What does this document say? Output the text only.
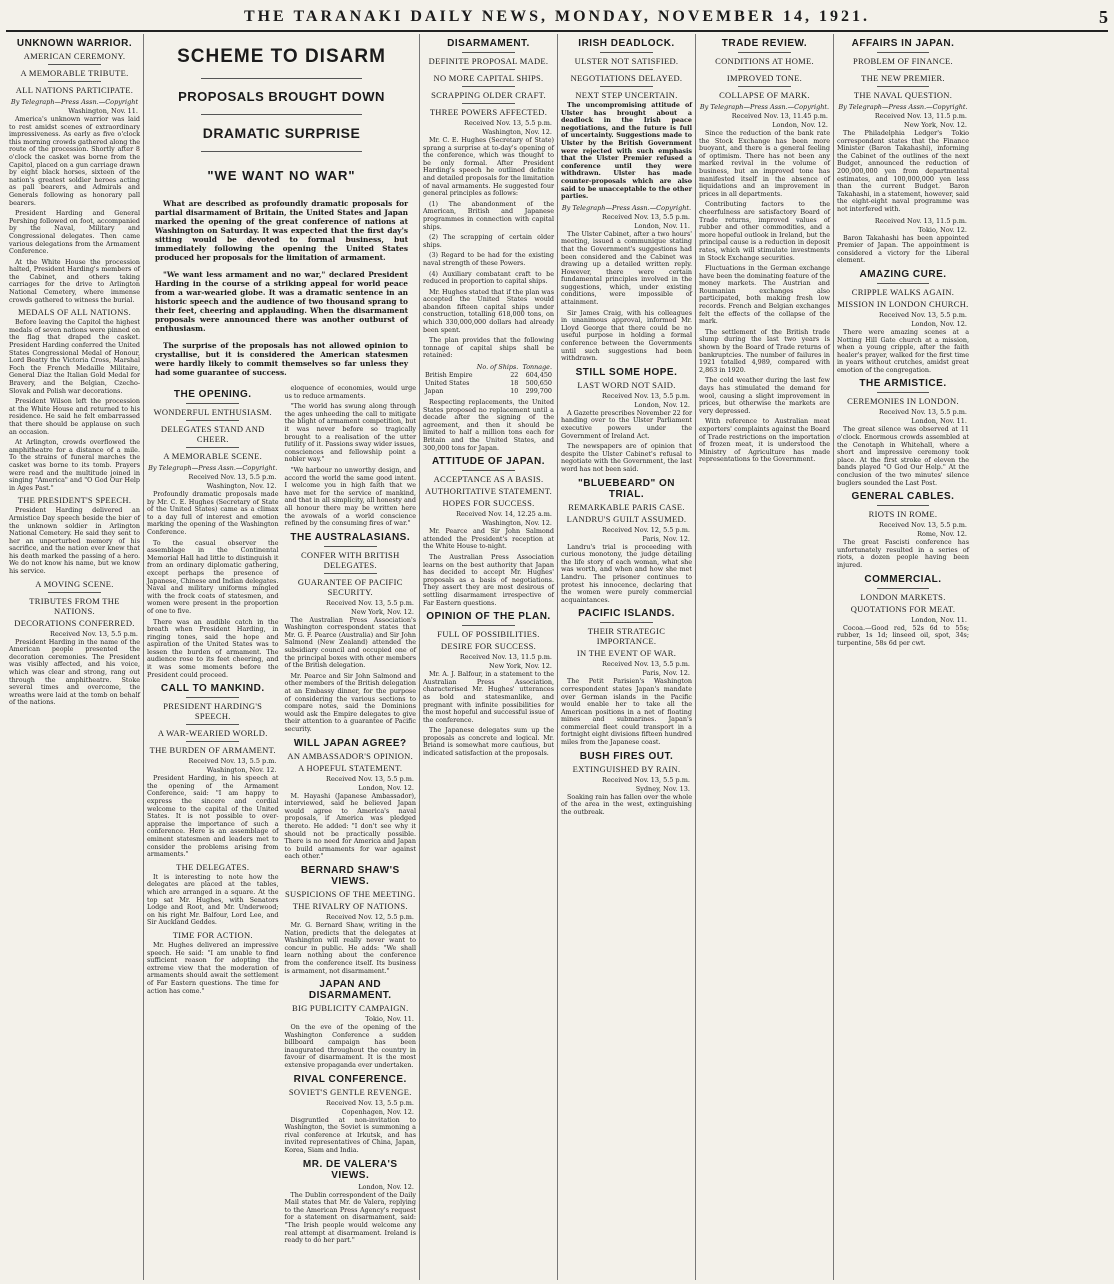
THE TARANAKI DAILY NEWS, MONDAY, NOVEMBER 14, 1921.	5
UNKNOWN WARRIOR.
AMERICAN CEREMONY.
A MEMORABLE TRIBUTE.
ALL NATIONS PARTICIPATE.
By Telegraph—Press Assn.—Copyright
Washington, Nov. 11.

America's unknown warrior was laid to rest amidst scenes of extraordinary impressiveness. As early as five o'clock this morning crowds gathered along the route of the procession. Shortly after 8 o'clock the casket was borne from the Capitol, placed on a gun carriage drawn by eight black horses, sixteen of the nation's greatest soldier heroes acting as pall bearers, and Admirals and Generals following as honorary pall bearers.

President Harding and General Pershing followed on foot, accompanied by the Naval, Military and Congressional delegates. Then came various delegations from the Armament Conference.

At the White House the procession halted, President Harding's members of the Cabinet, and others taking carriages for the drive to Arlington National Cemetery, where immense crowds gathered to witness the burial.

MEDALS OF ALL NATIONS.

Before leaving the Capitol the highest medals of seven nations were pinned on the flag that draped the casket. President Harding conferred the United States Congressional Medal of Honour, Lord Beatty the Victoria Cross, Marshal Foch the French Medaille Militaire, General Diaz the Italian Gold Medal for Bravery, and the Belgian, Czecho-Slovak and Polish war decorations.

President Wilson left the procession at the White House and returned to his residence. He said he felt embarrassed that there should be applause on such an occasion.

At Arlington, crowds overflowed the amphitheatre for a distance of a mile. To the strains of funeral marches the casket was borne to its tomb. Prayers were read and the multitude joined in singing "America" and "O God Our Help in Ages Past."

THE PRESIDENT'S SPEECH.

President Harding delivered an Armistice Day speech beside the bier of the unknown soldier in Arlington National Cemetery. He said they sent to her an unperturbed memory of his sacrifice, and the nation ever knew that his death marked the passing of a hero. We do not know his name, but we know his service.

A MOVING SCENE.
TRIBUTES FROM THE NATIONS.
DECORATIONS CONFERRED.
Received Nov. 13, 5.5 p.m.

President Harding in the name of the American people presented the decoration ceremonies. The President was visibly affected, and his voice, which was clear and strong, rang out through the amphitheatre. Stoke several times and overcome, the wreaths were laid at the tomb on behalf of the nations.

SCHEME TO DISARM
PROPOSALS BROUGHT DOWN
DRAMATIC SURPRISE
"WE WANT NO WAR"

What are described as profoundly dramatic proposals for partial disarmament of Britain, the United States and Japan marked the opening of the great conference of nations at Washington on Saturday. It was expected that the first day's sitting would be devoted to formal business, but immediately following the opening the United States produced her proposals for the limitation of armament.

"We want less armament and no war," declared President Harding in the course of a striking appeal for world peace from a war-wearied globe. It was a dramatic sentence in an historic speech and the audience of two thousand sprang to their feet, cheering and applauding. When the disarmament proposals were announced there was another outburst of enthusiasm.

The surprise of the proposals has not allowed opinion to crystallise, but it is considered the American statesmen were hardly likely to commit themselves so far unless they had some guarantee of success.

THE OPENING.
WONDERFUL ENTHUSIASM.
DELEGATES STAND AND CHEER.
A MEMORABLE SCENE.
By Telegraph—Press Assn.—Copyright.
Received Nov. 13, 5.5 p.m.
Washington, Nov. 12.

Profoundly dramatic proposals made by Mr. C. E. Hughes (Secretary of State of the United States) came as a climax to a day full of interest and emotion marking the opening of the Washington Conference.

To the casual observer the assemblage in the Continental Memorial Hall had little to distinguish it from an ordinary diplomatic gathering, except perhaps the presence of Japanese, Chinese and Indian delegates. Naval and military uniforms mingled with the frock coats of statesmen, and women were present in the proportion of one to five.

There was an audible catch in the breath when President Harding, in ringing tones, said the hope and aspiration of the United States was to lessen the burden of armament. The audience rose to its feet cheering, and it was some moments before the President could proceed.

CALL TO MANKIND.
PRESIDENT HARDING'S SPEECH.
A WAR-WEARIED WORLD.
THE BURDEN OF ARMAMENT.
Received Nov. 13, 5.5 p.m.
Washington, Nov. 12.

President Harding, in his speech at the opening of the Armament Conference, said: "I am happy to express the sincere and cordial welcome to the capital of the United States. It is not possible to over-appraise the importance of such a conference. Here is an assemblage of eminent statesmen and leaders met to consider the problems arising from armaments."

THE DELEGATES.

It is interesting to note how the delegates are placed at the tables, which are arranged in a square. At the top sat Mr. Hughes, with Senators Lodge and Root, and Mr. Underwood; on his right Mr. Balfour, Lord Lee, and Sir Auckland Geddes.

TIME FOR ACTION.

Mr. Hughes delivered an impressive speech. He said: "I am unable to find sufficient reason for adopting the extreme view that the moderation of armaments should await the settlement of Far Eastern questions. The time for action has come."

eloquence of economies, would urge us to reduce armaments.

"The world has swung along through the ages unheeding the call to mitigate the blight of armament competition, but it was never before so tragically brought to a realisation of the utter futility of it. Passions sway wider issues, consciences and fellowship point a nobler way."

"We harbour no unworthy design, and accord the world the same good intent. I welcome you in high faith that we have met for the service of mankind, and that in all simplicity, all honesty and all honour there may be written here the avowals of a world conscience refined by the consuming fires of war."

THE AUSTRALASIANS.
CONFER WITH BRITISH DELEGATES.
GUARANTEE OF PACIFIC SECURITY.
Received Nov. 13, 5.5 p.m.
New York, Nov. 12.

The Australian Press Association's Washington correspondent states that Mr. G. F. Pearce (Australia) and Sir John Salmond (New Zealand) attended the subsidiary council and occupied one of the principal boxes with other members of the British delegation.

Mr. Pearce and Sir John Salmond and other members of the British delegation at an Embassy dinner, for the purpose of considering the various sections to compare notes, said the Dominions would ask the Empire delegates to give their attention to a guarantee of Pacific security.

WILL JAPAN AGREE?
AN AMBASSADOR'S OPINION.
A HOPEFUL STATEMENT.
Received Nov. 13, 5.5 p.m.
London, Nov. 12.

M. Hayashi (Japanese Ambassador), interviewed, said he believed Japan would agree to America's naval proposals, if America was pledged thereto. He added: "I don't see why it should not be practically possible. There is no need for America and Japan to build armaments for war against each other."

BERNARD SHAW'S VIEWS.
SUSPICIONS OF THE MEETING.
THE RIVALRY OF NATIONS.
Received Nov. 12, 5.5 p.m.

Mr. G. Bernard Shaw, writing in the Nation, predicts that the delegates at Washington will really never want to concur in public. He adds: "We shall learn nothing about the conference from the conference itself. Its business is armament, not disarmament."

JAPAN AND DISARMAMENT.
BIG PUBLICITY CAMPAIGN.
Tokio, Nov. 11.

On the eve of the opening of the Washington Conference a sudden billboard campaign has been inaugurated throughout the country in favour of disarmament. It is the most extensive propaganda ever undertaken.

RIVAL CONFERENCE.
SOVIET'S GENTLE REVENGE.
Received Nov. 13, 5.5 p.m.
Copenhagen, Nov. 12.

Disgruntled at non-invitation to Washington, the Soviet is summoning a rival conference at Irkutsk, and has invited representatives of China, Japan, Korea, Siam and India.

MR. DE VALERA'S VIEWS.
London, Nov. 12.

The Dublin correspondent of the Daily Mail states that Mr. de Valera, replying to the American Press Agency's request for a statement on disarmament, said: "The Irish people would welcome any real attempt at disarmament. Ireland is ready to do her part."

DISARMAMENT.
DEFINITE PROPOSAL MADE.
NO MORE CAPITAL SHIPS.
SCRAPPING OLDER CRAFT.
THREE POWERS AFFECTED.
Received Nov. 13, 5.5 p.m.
Washington, Nov. 12.

Mr. C. E. Hughes (Secretary of State) sprang a surprise at to-day's opening of the conference, which was thought to be only formal. After President Harding's speech he outlined definite and detailed proposals for the limitation of naval armaments. He suggested four general principles as follows:

(1) The abandonment of the American, British and Japanese programmes in connection with capital ships.

(2) The scrapping of certain older ships.

(3) Regard to be had for the existing naval strength of these Powers.

(4) Auxiliary combatant craft to be reduced in proportion to capital ships.

Mr. Hughes stated that if the plan was accepted the United States would abandon fifteen capital ships under construction, totalling 618,000 tons, on which 330,000,000 dollars had already been spent.

The plan provides that the following tonnage of capital ships shall be retained:

	No. of Ships.	Tonnage.
British Empire	22	604,450
United States	18	500,650
Japan	10	299,700

Respecting replacements, the United States proposed no replacement until a decade after the signing of the agreement, and then it should be limited to half a million tons each for Britain and the United States, and 300,000 tons for Japan.

ATTITUDE OF JAPAN.
ACCEPTANCE AS A BASIS.
AUTHORITATIVE STATEMENT.
HOPES FOR SUCCESS.
Received Nov. 14, 12.25 a.m.
Washington, Nov. 12.

Mr. Pearce and Sir John Salmond attended the President's reception at the White House to-night.

The Australian Press Association learns on the best authority that Japan has decided to accept Mr. Hughes' proposals as a basis of negotiations. They assert they are most desirous of settling disarmament irrespective of Far Eastern questions.

OPINION OF THE PLAN.
FULL OF POSSIBILITIES.
DESIRE FOR SUCCESS.
Received Nov. 13, 11.5 p.m.
New York, Nov. 12.

Mr. A. J. Balfour, in a statement to the Australian Press Association, characterised Mr. Hughes' utterances as bold and statesmanlike, and pregnant with infinite possibilities for the most hopeful and successful issue of the conference.

The Japanese delegates sum up the proposals as concrete and logical. Mr. Briand is somewhat more cautious, but indicated satisfaction at the proposals.

IRISH DEADLOCK.
ULSTER NOT SATISFIED.
NEGOTIATIONS DELAYED.
NEXT STEP UNCERTAIN.

The uncompromising attitude of Ulster has brought about a deadlock in the Irish peace negotiations, and the future is full of uncertainty. Suggestions made to Ulster by the British Government were rejected with such emphasis that the Ulster Premier refused a conference until they were withdrawn. Ulster has made counter-proposals which are also said to be unacceptable to the other parties.

By Telegraph—Press Assn.—Copyright.
Received Nov. 13, 5.5 p.m.
London, Nov. 11.

The Ulster Cabinet, after a two hours' meeting, issued a communique stating that the Government's suggestions had been considered and the Cabinet was drawing up a detailed written reply. However, there were certain fundamental principles involved in the suggestions, which, under existing conditions, were impossible of attainment.

Sir James Craig, with his colleagues in unanimous approval, informed Mr. Lloyd George that there could be no useful purpose in holding a formal conference between the Governments until such suggestions had been withdrawn.

STILL SOME HOPE.
LAST WORD NOT SAID.
Received Nov. 13, 5.5 p.m.
London, Nov. 12.

A Gazette prescribes November 22 for handing over to the Ulster Parliament executive powers under the Government of Ireland Act.

The newspapers are of opinion that despite the Ulster Cabinet's refusal to negotiate with the Government, the last word has not been said.

"BLUEBEARD" ON TRIAL.
REMARKABLE PARIS CASE.
LANDRU'S GUILT ASSUMED.
Received Nov. 12, 5.5 p.m.
Paris, Nov. 12.

Landru's trial is proceeding with curious monotony, the judge detailing the life story of each woman, what she was worth, and when and how she met Landru. The prisoner continues to protest his innocence, declaring that the women were purely commercial acquaintances.

PACIFIC ISLANDS.
THEIR STRATEGIC IMPORTANCE.
IN THE EVENT OF WAR.
Received Nov. 13, 5.5 p.m.
Paris, Nov. 12.

The Petit Parisien's Washington correspondent states Japan's mandate over German islands in the Pacific would enable her to take all the American positions in a net of floating mines and submarines. Japan's commercial fleet could transport in a fortnight eight divisions fifteen hundred miles from the Japanese coast.

BUSH FIRES OUT.
EXTINGUISHED BY RAIN.
Received Nov. 13, 5.5 p.m.
Sydney, Nov. 13.

Soaking rain has fallen over the whole of the area in the west, extinguishing the outbreak.

TRADE REVIEW.
CONDITIONS AT HOME.
IMPROVED TONE.
COLLAPSE OF MARK.
By Telegraph—Press Assn.—Copyright.
Received Nov. 13, 11.45 p.m.
London, Nov. 12.

Since the reduction of the bank rate the Stock Exchange has been more buoyant, and there is a general feeling of optimism. There has not been any marked revival in the volume of business, but an improved tone has manifested itself in the absence of liquidations and an improvement in prices in all departments.

Contributing factors to the cheerfulness are satisfactory Board of Trade returns, improved values of rubber and other commodities, and a more hopeful outlook in Ireland, but the principal cause is a reduction in deposit rates, which will stimulate investments in Stock Exchange securities.

Fluctuations in the German exchange have been the dominating feature of the money markets. The Austrian and Roumanian exchanges also participated, both making fresh low records. French and Belgian exchanges felt the effects of the collapse of the mark.

The settlement of the British trade slump during the last two years is shown by the Board of Trade returns of bankruptcies. The number of failures in 1921 totalled 4,989, compared with 2,863 in 1920.

The cold weather during the last few days has stimulated the demand for wool, causing a slight improvement in prices, but otherwise the markets are very depressed.

With reference to Australian meat exporters' complaints against the Board of Trade restrictions on the importation of frozen meat, it is understood the Ministry of Agriculture has made representations to the Government.

AFFAIRS IN JAPAN.
PROBLEM OF FINANCE.
THE NEW PREMIER.
THE NAVAL QUESTION.
By Telegraph—Press Assn.—Copyright.
Received Nov. 13, 11.5 p.m.
New York, Nov. 12.

The Philadelphia Ledger's Tokio correspondent states that the Finance Minister (Baron Takahashi), informing the Cabinet of the outlines of the next Budget, announced the reduction of 200,000,000 yen from departmental estimates, and 100,000,000 yen less than the current Budget. Baron Takahashi, in a statement, however, said the eight-eight naval programme was not interfered with.

Received Nov. 13, 11.5 p.m.
Tokio, Nov. 12.

Baron Takahashi has been appointed Premier of Japan. The appointment is considered a victory for the Liberal element.

AMAZING CURE.
CRIPPLE WALKS AGAIN.
MISSION IN LONDON CHURCH.
Received Nov. 13, 5.5 p.m.
London, Nov. 12.

There were amazing scenes at a Notting Hill Gate church at a mission, when a young cripple, after the faith healer's prayer, walked for the first time in years without crutches, amidst great emotion of the congregation.

THE ARMISTICE.
CEREMONIES IN LONDON.
Received Nov. 13, 5.5 p.m.
London, Nov. 11.

The great silence was observed at 11 o'clock. Enormous crowds assembled at the Cenotaph in Whitehall, where a short and impressive ceremony took place. At the first stroke of eleven the bands played "O God Our Help." At the conclusion of the two minutes' silence buglers sounded the Last Post.

GENERAL CABLES.
RIOTS IN ROME.
Received Nov. 13, 5.5 p.m.
Rome, Nov. 12.

The great Fascisti conference has unfortunately resulted in a series of riots, a dozen people having been injured.

COMMERCIAL.
LONDON MARKETS.
QUOTATIONS FOR MEAT.
London, Nov. 11.

Cocoa.—Good red, 52s 6d to 55s; rubber, 1s 1d; linseed oil, spot, 34s; turpentine, 58s 6d per cwt.
